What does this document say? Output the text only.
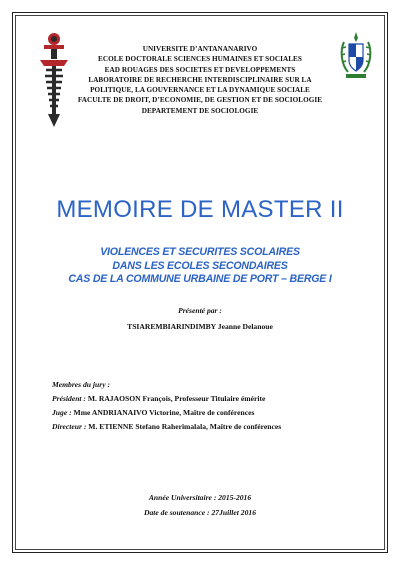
UNIVERSITE D’ANTANANARIVO
ECOLE DOCTORALE SCIENCES HUMAINES ET SOCIALES
EAD ROUAGES DES SOCIETES ET DEVELOPPEMENTS
LABORATOIRE DE RECHERCHE INTERDISCIPLINAIRE SUR LA
POLITIQUE, LA GOUVERNANCE ET LA DYNAMIQUE SOCIALE
FACULTE DE DROIT, D’ECONOMIE, DE GESTION ET DE SOCIOLOGIE
DEPARTEMENT DE SOCIOLOGIE
MEMOIRE DE MASTER II
VIOLENCES ET SECURITES SCOLAIRES
DANS LES ECOLES SECONDAIRES
CAS DE LA COMMUNE URBAINE DE PORT – BERGE I
Présenté par :
TSIAREMBIARINDIMBY Jeanne Delanoue
Membres du jury :
Président : M. RAJAOSON François, Professeur Titulaire émérite
Juge : Mme ANDRIANAIVO Victorine, Maître de conférences
Directeur : M. ETIENNE Stefano Raherimalala, Maître de conférences
Année Universitaire : 2015-2016
Date de soutenance : 27Juillet 2016
